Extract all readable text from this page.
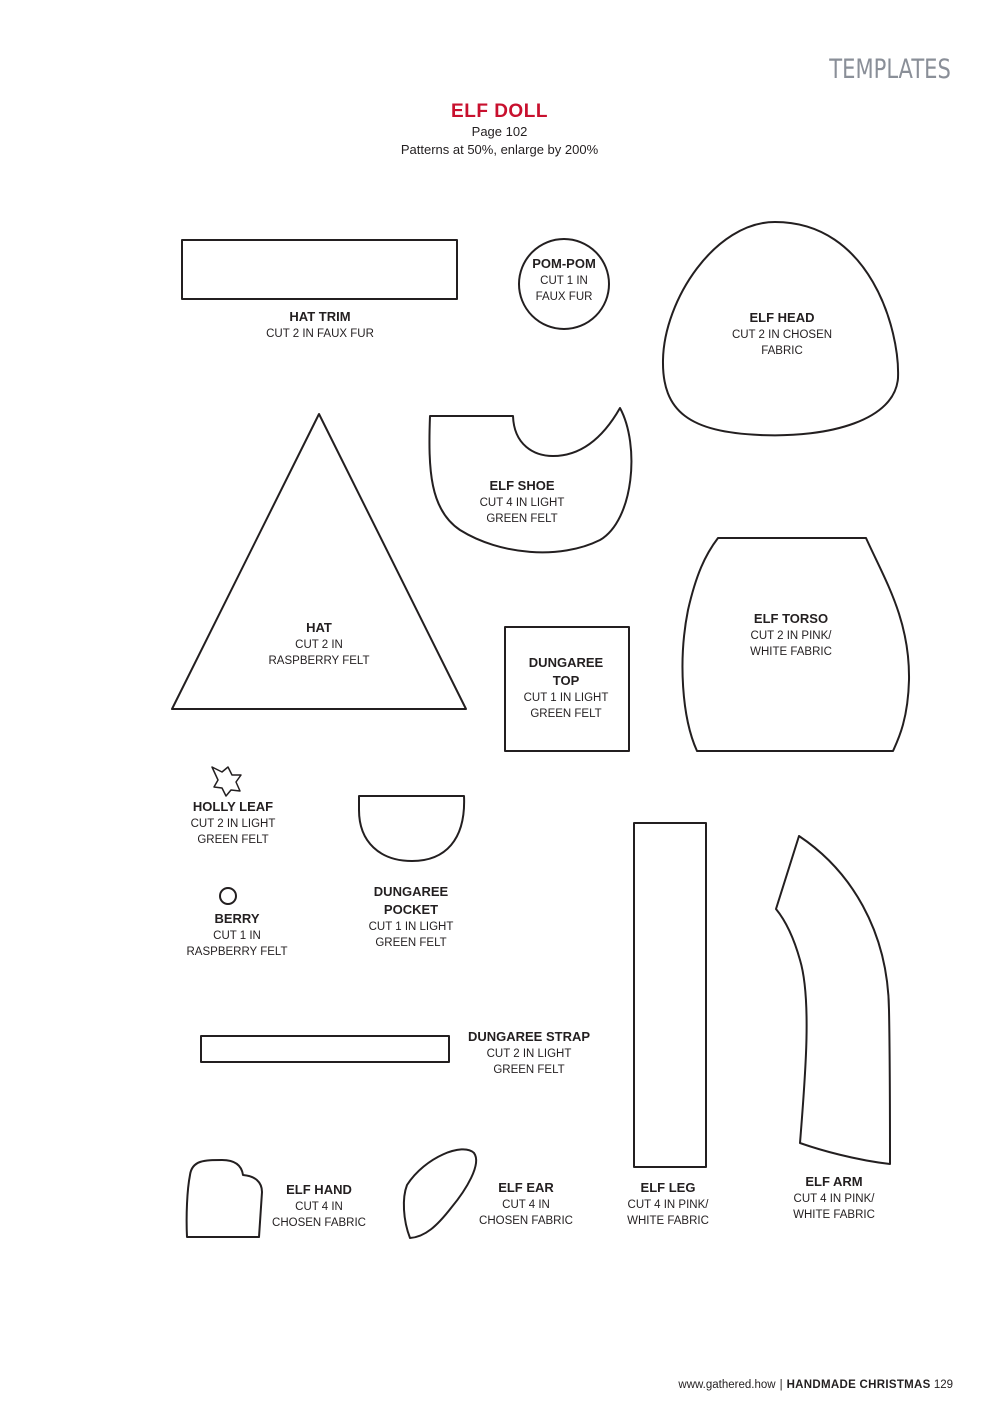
TEMPLATES
ELF DOLL
Page 102
Patterns at 50%, enlarge by 200%
HAT TRIM
CUT 2 IN FAUX FUR
POM-POM
CUT 1 IN
FAUX FUR
ELF HEAD
CUT 2 IN CHOSEN
FABRIC
ELF SHOE
CUT 4 IN LIGHT
GREEN FELT
HAT
CUT 2 IN
RASPBERRY FELT	DUNGAREE
TOP
CUT 1 IN LIGHT
GREEN FELT
ELF TORSO
CUT 2 IN PINK/
WHITE FABRIC
HOLLY LEAF
CUT 2 IN LIGHT
GREEN FELT
BERRY
CUT 1 IN
RASPBERRY FELT
DUNGAREE
POCKET
CUT 1 IN LIGHT
GREEN FELT
DUNGAREE STRAP
CUT 2 IN LIGHT
GREEN FELT
ELF HAND
CUT 4 IN
CHOSEN FABRIC
ELF EAR
CUT 4 IN
CHOSEN FABRIC
ELF LEG
CUT 4 IN PINK/
WHITE FABRIC
ELF ARM
CUT 4 IN PINK/
WHITE FABRIC
www.gathered.how | HANDMADE CHRISTMAS 129
